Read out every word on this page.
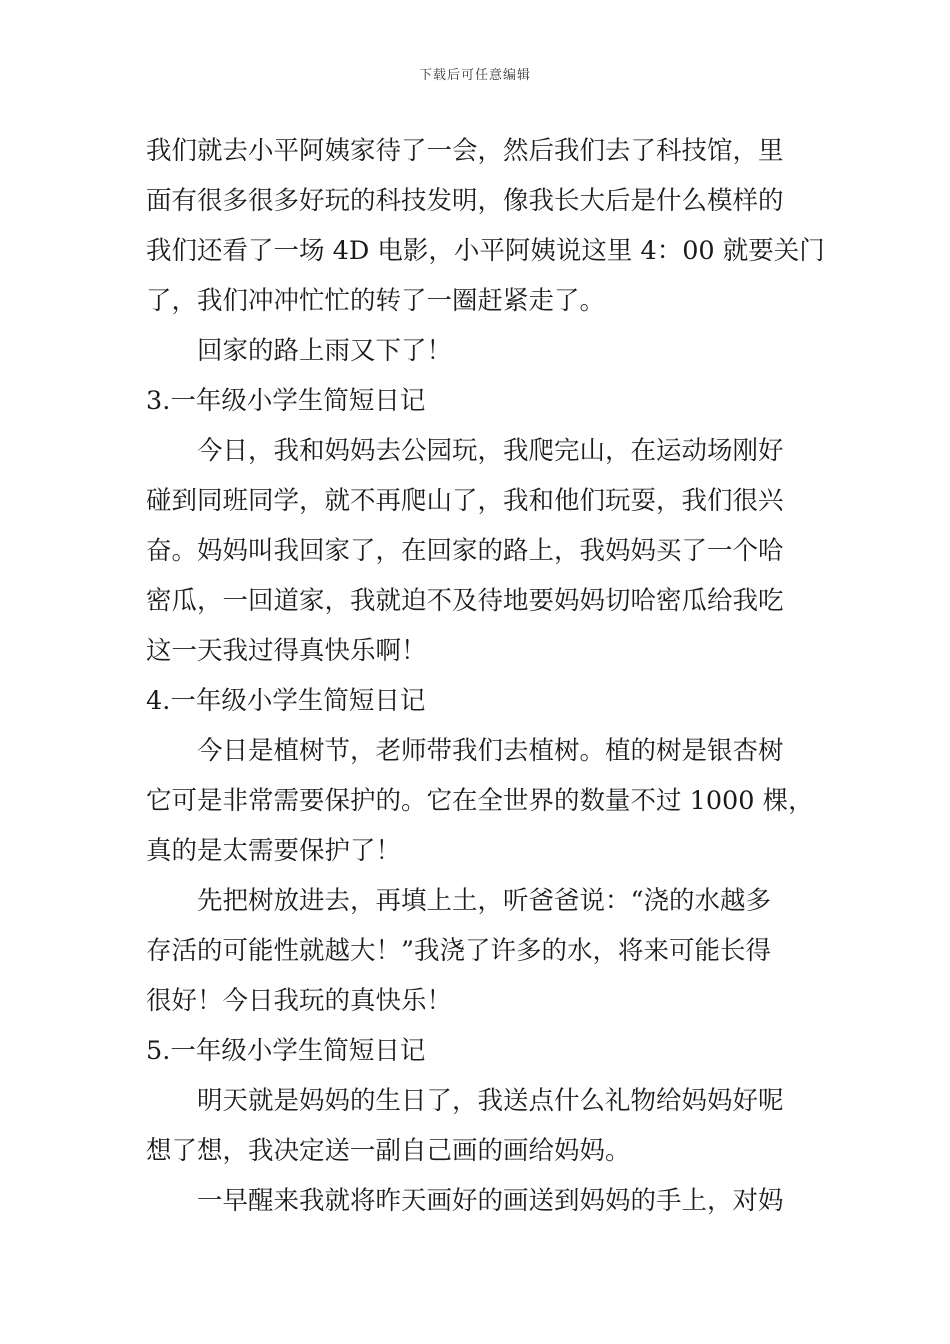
下载后可任意编辑
我们就去小平阿姨家待了一会，然后我们去了科技馆，里
面有很多很多好玩的科技发明，像我长大后是什么模样的
我们还看了一场 4D 电影，小平阿姨说这里 4：00 就要关门
了，我们冲冲忙忙的转了一圈赶紧走了。
回家的路上雨又下了！
3.一年级小学生简短日记
今日，我和妈妈去公园玩，我爬完山，在运动场刚好
碰到同班同学，就不再爬山了，我和他们玩耍，我们很兴
奋。妈妈叫我回家了，在回家的路上，我妈妈买了一个哈
密瓜，一回道家，我就迫不及待地要妈妈切哈密瓜给我吃
这一天我过得真快乐啊！
4.一年级小学生简短日记
今日是植树节，老师带我们去植树。植的树是银杏树
它可是非常需要保护的。它在全世界的数量不过 1000 棵，
真的是太需要保护了！
先把树放进去，再填上土，听爸爸说：“浇的水越多
存活的可能性就越大！”我浇了许多的水，将来可能长得
很好！今日我玩的真快乐！
5.一年级小学生简短日记
明天就是妈妈的生日了，我送点什么礼物给妈妈好呢
想了想，我决定送一副自己画的画给妈妈。
一早醒来我就将昨天画好的画送到妈妈的手上，对妈
